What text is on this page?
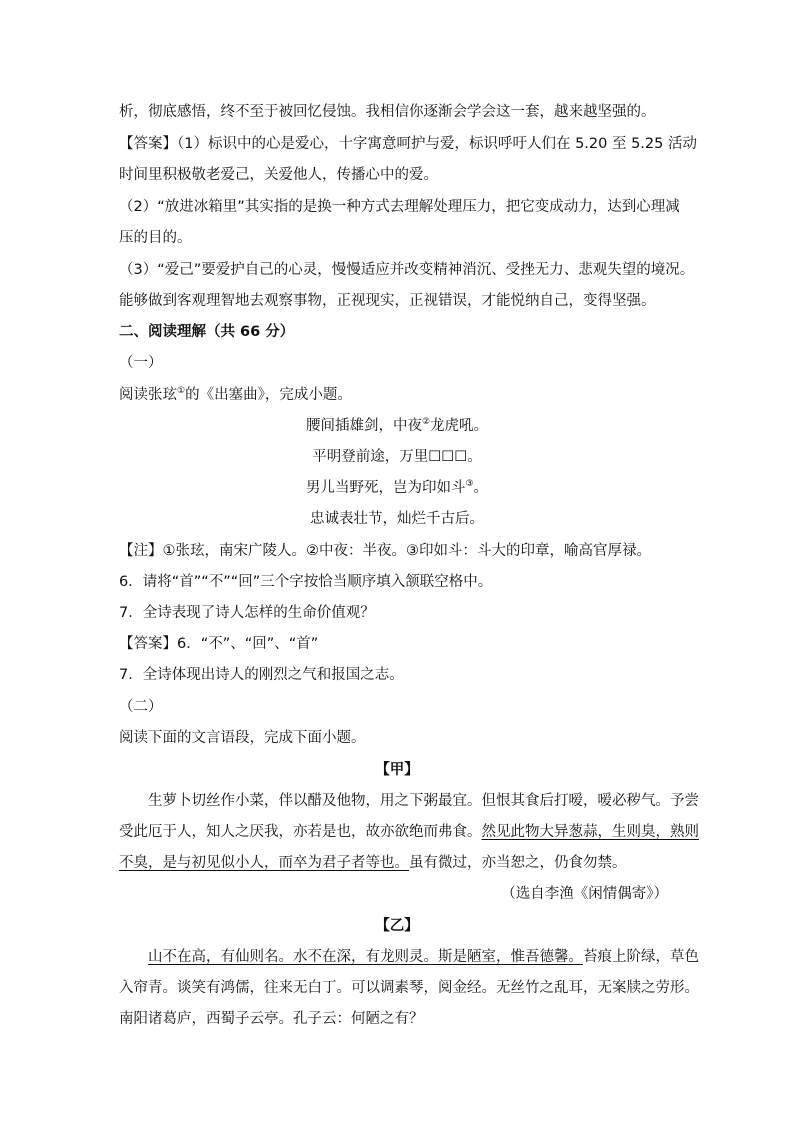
析，彻底感悟，终不至于被回忆侵蚀。我相信你逐渐会学会这一套，越来越坚强的。
【答案】（1）标识中的心是爱心，十字寓意呵护与爱，标识呼吁人们在 5.20 至 5.25 活动
时间里积极敬老爱己，关爱他人，传播心中的爱。
（2）“放进冰箱里”其实指的是换一种方式去理解处理压力，把它变成动力，达到心理减
压的目的。
（3）“爱己”要爱护自己的心灵，慢慢适应并改变精神消沉、受挫无力、悲观失望的境况。
能够做到客观理智地去观察事物，正视现实，正视错误，才能悦纳自己，变得坚强。
二、阅读理解（共 66 分）
（一）
阅读张玹①的《出塞曲》，完成小题。
腰间插雄剑，中夜②龙虎吼。
平明登前途，万里☐☐☐。
男儿当野死，岂为印如斗③。
忠诚表壮节，灿烂千古后。
【注】①张玹，南宋广陵人。②中夜：半夜。③印如斗：斗大的印章，喻高官厚禄。
6．请将“首”“不”“回”三个字按恰当顺序填入颔联空格中。
7．全诗表现了诗人怎样的生命价值观？
【答案】6．“不”、“回”、“首”
7．全诗体现出诗人的刚烈之气和报国之志。
（二）
阅读下面的文言语段，完成下面小题。
【甲】
生萝卜切丝作小菜，伴以醋及他物，用之下粥最宜。但恨其食后打嗳，嗳必秽气。予尝
受此厄于人，知人之厌我，亦若是也，故亦欲绝而弗食。然见此物大异葱蒜，生则臭，熟则
不臭，是与初见似小人，而卒为君子者等也。虽有微过，亦当恕之，仍食勿禁。
（选自李渔《闲情偶寄》）
【乙】
山不在高，有仙则名。水不在深，有龙则灵。斯是陋室，惟吾德馨。苔痕上阶绿，草色
入帘青。谈笑有鸿儒，往来无白丁。可以调素琴，阅金经。无丝竹之乱耳，无案牍之劳形。
南阳诸葛庐，西蜀子云亭。孔子云：何陋之有？
